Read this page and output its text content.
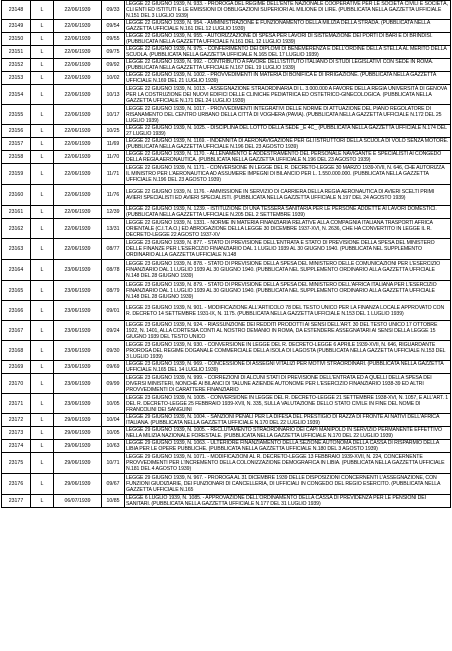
23148	L	22/06/1939	09/33	LEGGE 22 GIUGNO 1939, N. 933. - PROROGA DEL REGIME DELL'ENTE NAZIONALE COOPERATIVE PER LE SOCIETÀ CIVILI E SOCIETÀ, CLI ENTI ED ISTITUTI E LE EMISSIONI DI OBBLIGAZIONI SUPERIORI AL MILIONE DI LIRE. (PUBBLICATA NELLA GAZZETTA UFFICIALE N.151 DEL 3 LUGLIO 1939)
23149	L	22/06/1939	09/54	LEGGE 22 GIUGNO 1939, N. 954. - AMMINISTRAZIONE E FUNZIONAMENTO DELLA MILIZIA DELLA STRADA. (PUBBLICATA NELLA GAZZETTA UFFICIALE N.161 DEL 12 LUGLIO 1939)
23150	L	22/06/1939	09/55	LEGGE 22 GIUGNO 1939, N. 955. - AUTORIZZAZIONE DI SPESA PER LAVORI DI SISTEMAZIONE DEI PORTI DI BARI E DI BRINDISI. (PUBBLICATA NELLA GAZZETTA UFFICIALE N.161 DEL 12 LUGLIO 1939)
23151	L	22/06/1939	09/75	LEGGE 22 GIUGNO 1939, N. 975. - CONFERIMENTO DEI DIPLOMI DI BENEMERENZA E DELL'ORDINE DELLA STELLA AL MERITO DELLA SCUOLA. (PUBBLICATA NELLA GAZZETTA UFFICIALE N.165 DEL 17 LUGLIO 1939)
23152	L	22/06/1939	09/92	LEGGE 22 GIUGNO 1939, N. 992. - CONTRIBUTO A FAVORE DELL'ISTITUTO ITALIANO DI STUDI LEGISLATIVI CON SEDE IN ROMA. (PUBBLICATA NELLA GAZZETTA UFFICIALE N.167 DEL 19 LUGLIO 1939)
23153	L	22/06/1939	10/02	LEGGE 22 GIUGNO 1939, N. 1002. - PROVVEDIMENTI IN MATERIA DI BONIFICA E DI IRRIGAZIONE. (PUBBLICATA NELLA GAZZETTA UFFICIALE N.169 DEL 21 LUGLIO 1939)
23154	L	22/06/1939	10/13	LEGGE 22 GIUGNO 1939, N. 1013. - ASSEGNAZIONE STRAORDINARIA DI L. 3.000.000 A FAVORE DELLA REGIA UNIVERSITÀ DI GENOVA PER LA COSTRUZIONE DEI NUOVI EDIFICI DELLE CLINICHE PEDIATRICA ED OSTETRICO-GINECOLOGICA. (PUBBLICATA NELLA GAZZETTA UFFICIALE N.171 DEL 24 LUGLIO 1939)
23155	L	22/06/1939	10/17	LEGGE 22 GIUGNO 1939, N. 1017. - PROVVEDIMENTI INTEGRATIVI DELLE NORME DI ATTUAZIONE DEL PIANO REGOLATORE DI RISANAMENTO DEL CENTRO URBANO DELLA CITTÀ DI VOGHERA (PAVIA). (PUBBLICATA NELLA GAZZETTA UFFICIALE N.172 DEL 25 LUGLIO 1939)
23156	L	22/06/1939	10/25	LEGGE 22 GIUGNO 1939, N. 1025. - DISCIPLINA DEL LOTTO DELLA SEDE _E 4C_ (PUBBLICATA NELLA GAZZETTA UFFICIALE N.174 DEL 27 LUGLIO 1939)
23157	L	22/06/1939	11/69	LEGGE 22 GIUGNO 1939, N. 1169. - INDENNITÀ DI AERONAVIGAZIONE PER GLI ISTRUTTORI DELLA SCUOLA DI VOLO SENZA MOTORE. (PUBBLICATA NELLA GAZZETTA UFFICIALE N.196 DEL 23 AGOSTO 1939)
23158	L	22/06/1939	11/70	LEGGE 22 GIUGNO 1939, N. 1170. - ALLENAMENTO E ADDESTRAMENTO DEL PERSONALE NAVIGANTE E SPECIALISTI AI CONGEDO DELLA REGIA AERONAUTICA. (PUBBLICATA NELLA GAZZETTA UFFICIALE N.196 DEL 23 AGOSTO 1939)
23159	L	22/06/1939	11/71	LEGGE 22 GIUGNO 1939, N. 1171. - CONVERSIONE IN LEGGE DEL R. DECRETO-LEGGE 30 MARZO 1939-XVII, N. 646, CHE AUTORIZZA IL MINISTRO PER L'AERONAUTICA AD ASSUMERE IMPEGNI DI BILANCIO PER L. 1.550.000.000. (PUBBLICATA NELLA GAZZETTA UFFICIALE N.196 DEL 23 AGOSTO 1939)
23160	L	22/06/1939	11/76	LEGGE 22 GIUGNO 1939, N. 1176. - AMMISSIONE IN SERVIZIO DI CARRIERA DELLA REGIA AERONAUTICA DI AVIERI SCELTI PRIMI AVIERI SPECIALISTI ED AVIERI SPECIALISTI. (PUBBLICATA NELLA GAZZETTA UFFICIALE N.197 DEL 24 AGOSTO 1939)
23161	L	22/06/1939	12/39	LEGGE 22 GIUGNO 1939, N. 1239. - ISTITUZIONE DI UNA TESSERA SANITARIA PER LE PERSONE ADDETTE AI LAVORI DOMESTICI. (PUBBLICATA NELLA GAZZETTA UFFICIALE N.205 DEL 2 SETTEMBRE 1939)
23162	L	22/06/1939	13/31	LEGGE 22 GIUGNO 1939, N. 1331. - NORME IN MATERIA FINANZIARIA RELATIVE ALLA COMPAGNIA ITALIANA TRASPORTI AFRICA ORIENTALE (C.I.T.A.O.) ED ABROGAZIONE DELLA LEGGE 30 DICEMBRE 1937-XVI, N. 2636, CHE HA CONVERTITO IN LEGGE IL R. DECRETO-LEGGE 22 AGOSTO 1937-XV
23163	L	22/06/1939	08/77	LEGGE 23 GIUGNO 1939, N. 877. - STATO DI PREVISIONE DELL'ENTRATA E STATO DI PREVISIONE DELLA SPESA DEL MINISTERO DELLE FINANZE PER L'ESERCIZIO FINANZIARIO DAL 1 LUGLIO 1939 AL 30 GIUGNO 1940. (PUBBLICATA NEL SUPPLEMENTO ORDINARIO ALLA GAZZETTA UFFICIALE N.148
23164	L	23/06/1939	08/78	LEGGE 23 GIUGNO 1939, N. 878. - STATO DI PREVISIONE DELLA SPESA DEL MINISTERO DELLE COMUNICAZIONI PER L'ESERCIZIO FINANZIARIO DAL 1 LUGLIO 1939 AL 30 GIUGNO 1940. (PUBBLICATA NEL SUPPLEMENTO ORDINARIO ALLA GAZZETTA UFFICIALE N.148 DEL 28 GIUGNO 1939)
23165	L	23/06/1939	08/79	LEGGE 23 GIUGNO 1939, N. 879. - STATO DI PREVISIONE DELLA SPESA DEL MINISTERO DELL'AFRICA ITALIANA PER L'ESERCIZIO FINANZIARIO DAL 1 LUGLIO 1939 AL 30 GIUGNO 1940. (PUBBLICATA NEL SUPPLEMENTO ORDINARIO ALLA GAZZETTA UFFICIALE N.148 DEL 28 GIUGNO 1939)
23166	L	23/06/1939	09/01	LEGGE 23 GIUGNO 1939, N. 901. - MODIFICAZIONE ALL'ARTICOLO 78 DEL TESTO UNICO PER LA FINANZA LOCALE APPROVATO CON R. DECRETO 14 SETTEMBRE 1931-IX, N. 1175. (PUBBLICATA NELLA GAZZETTA UFFICIALE N.153 DEL 1 LUGLIO 1939)
23167	L	23/06/1939	09/24	LEGGE 23 GIUGNO 1939, N. 924. - RIASSUNZIONE DEI REDDITI PRODOTTI AI SENSI DELL'ART. 30 DEL TESTO UNICO 17 OTTOBRE 1922, N. 1401, ALLA CORTESIA CONTI AL NOSTRO DEMANIO IN ROMA, DA ESTENDERE ASSEGNATARI AI SENSI DELLA LEGGE 15 GIUGNO 1939 DEL TESTO UNICO
23168	L	23/06/1939	09/30	LEGGE 23 GIUGNO 1939, N. 930. - CONVERSIONE IN LEGGE DEL R. DECRETO-LEGGE 6 APRILE 1939-XVII, N. 646, RIGUARDANTE PROROGA DEL REGIME DOGANALE COMMERCIALE DELLA ISOLA DI LAGOSTA (PUBBLICATA NELLA GAZZETTA UFFICIALE N.153 DEL 3 LUGLIO 1939)
23169	L	23/06/1939	09/69	LEGGE 23 GIUGNO 1939, N. 969. - CONCESSIONE DI ASSEGNI VITALIZI PER MOTIVI STRAORDINARI. (PUBBLICATA NELLA GAZZETTA UFFICIALE N.165 DEL 14 LUGLIO 1939)
23170	L	23/06/1939	09/99	LEGGE 23 GIUGNO 1939, N. 999. - CORREZIONI DI ALCUNI STATI DI PREVISIONE DELL'ENTRATA ED A QUELLI DELLA SPESA DEI DIVERSI MINISTERI, NONCHÉ AI BILANCI DI TALUNE AZIENDE AUTONOME PER L'ESERCIZIO FINANZIARIO 1938-39 ED ALTRI PROVVEDIMENTI DI CARATTERE FINANZIARIO
23171	L	23/06/1939	10/05	LEGGE 23 GIUGNO 1939, N. 1005. - CONVERSIONE IN LEGGE DEL R. DECRETO-LEGGE 21 SETTEMBRE 1938-XVI, N. 1057, E ALL'ART. 1 DEL R. DECRETO-LEGGE 25 FEBBRAIO 1939-XVII, N. 335, SULLA VALUTAZIONE DELLO STATO CIVILE IN FINE DEL NOME DI FRANCOLINI DEI SANGUINI
23172	L	29/06/1939	10/04	LEGGE 29 GIUGNO 1939, N. 1004. - SANZIONI PENALI PER LA DIFESA DEL PRESTIGIO DI RAZZA DI FRONTE AI NATIVI DELL'AFRICA ITALIANA. (PUBBLICATA NELLA GAZZETTA UFFICIALE N.170 DEL 22 LUGLIO 1939)
23173	L	29/06/1939	10/05	LEGGE 29 GIUGNO 1939, N. 1005. - RECLUTAMENTO STRAORDINARIO DEI CAPI MANIPOLO IN SERVIZIO PERMANENTE EFFETTIVO NELLA MILIZIA NAZIONALE FORESTALE. (PUBBLICATA NELLA GAZZETTA UFFICIALE N.170 DEL 22 LUGLIO 1939)
23174	L	29/06/1939	10/63	LEGGE 29 GIUGNO 1939, N. 1063. - ULTERIORE FINANZIAMENTO DELLA SEZIONE AUTONOMA DELLA CASSA DI RISPARMIO DELLA LIBIA PER LE OPERE PUBBLICHE. (PUBBLICATA NELLA GAZZETTA UFFICIALE N.180 DEL 3 AGOSTO 1939)
23175	L	29/06/1939	10/71	LEGGE 29 GIUGNO 1939, N. 1071. - MODIFICAZIONI AL R. DECRETO-LEGGE 13 FEBBRAIO 1939-XVII, N. 224, CONCERNENTE PROVVEDIMENTI PER L'INCREMENTO DELLA COLONIZZAZIONE DEMOGRAFICA IN LIBIA. (PUBBLICATA NELLA GAZZETTA UFFICIALE N.181 DEL 4 AGOSTO 1939)
23176	L	29/06/1939	09/67	LEGGE 29 GIUGNO 1939, N. 967. - PROROGA AL 31 DICEMBRE 1939 DELLE DISPOSIZIONI CONCERNENTI L'ASSEGNAZIONE, CON FUNZIONI GIUDIZIARIE, DEI FUNZIONARI DI CANCELLERIA, DI UFFICIALI IN CONGEDO DEL REGIO ESERCITO. (PUBBLICATA NELLA GAZZETTA UFFICIALE N.165
23177	L	06/07/1939	10/85	LEGGE 6 LUGLIO 1939, N. 1085. - APPROVAZIONE DELL'ORDINAMENTO DELLA CASSA DI PREVIDENZA PER LE PENSIONI DEI SANITARI. (PUBBLICATA NELLA GAZZETTA UFFICIALE N.177 DEL 31 LUGLIO 1939)
